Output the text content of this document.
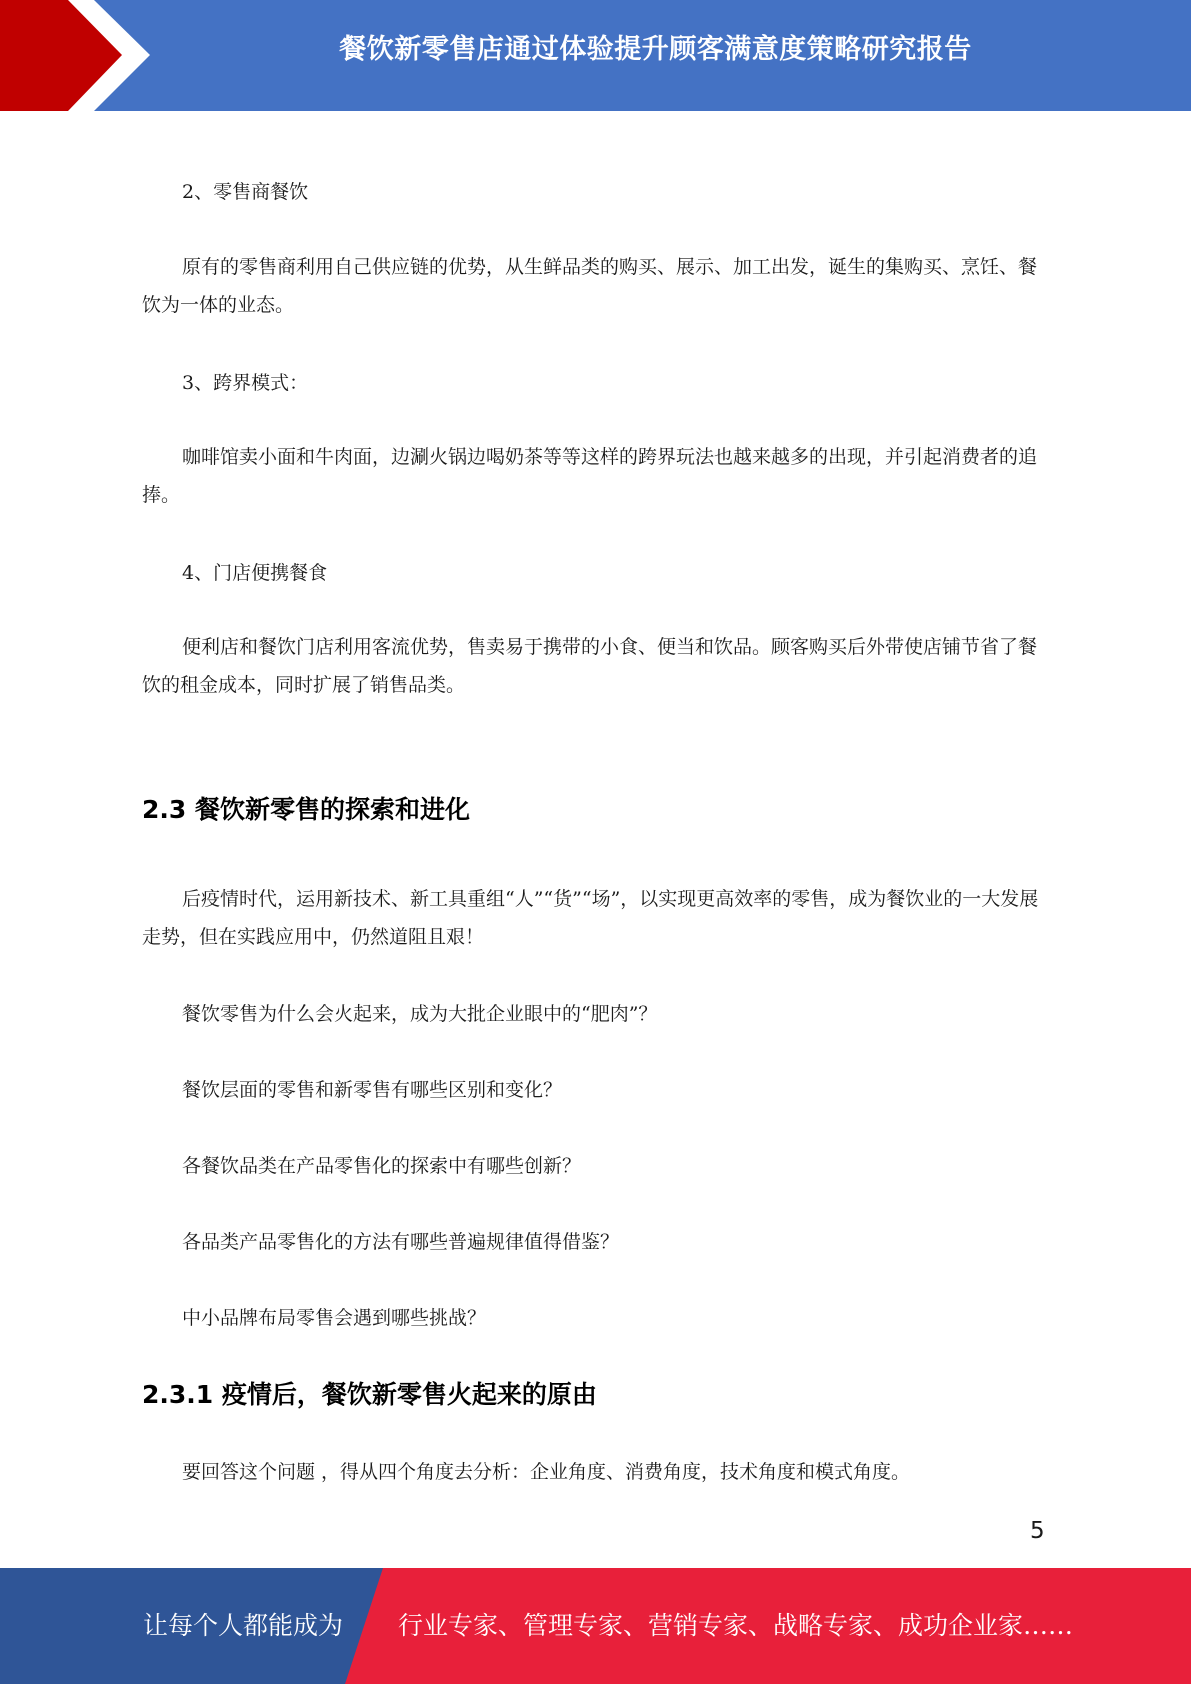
餐饮新零售店通过体验提升顾客满意度策略研究报告
2、零售商餐饮
原有的零售商利用自己供应链的优势，从生鲜品类的购买、展示、加工出发，诞生的集购买、烹饪、餐饮为一体的业态。
3、跨界模式：
咖啡馆卖小面和牛肉面，边涮火锅边喝奶茶等等这样的跨界玩法也越来越多的出现，并引起消费者的追捧。
4、门店便携餐食
便利店和餐饮门店利用客流优势，售卖易于携带的小食、便当和饮品。顾客购买后外带使店铺节省了餐饮的租金成本，同时扩展了销售品类。
2.3 餐饮新零售的探索和进化
后疫情时代，运用新技术、新工具重组“人”“货”“场”，以实现更高效率的零售，成为餐饮业的一大发展走势，但在实践应用中，仍然道阻且艰！
餐饮零售为什么会火起来，成为大批企业眼中的“肥肉”？
餐饮层面的零售和新零售有哪些区别和变化？
各餐饮品类在产品零售化的探索中有哪些创新？
各品类产品零售化的方法有哪些普遍规律值得借鉴？
中小品牌布局零售会遇到哪些挑战？
2.3.1 疫情后，餐饮新零售火起来的原由
要回答这个问题 ，得从四个角度去分析：企业角度、消费角度，技术角度和模式角度。
5
让每个人都能成为 行业专家、管理专家、营销专家、战略专家、成功企业家……
